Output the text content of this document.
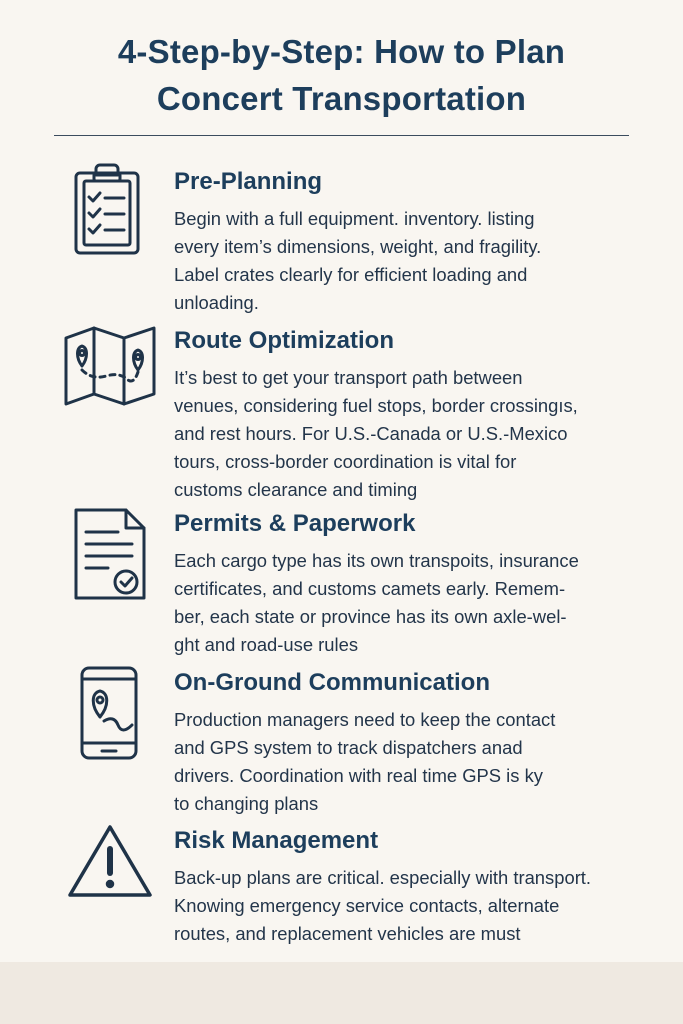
4-Step-by-Step: How to Plan
Concert Transportation
Pre-Planning
Begin with a full equipment. inventory. listing
every item’s dimensions, weight, and fragility.
Label crates clearly for efficient loading and
unloading.
Route Optimization
It’s best to get your transport ρath between
venues, considering fuel stops, border crossingıs,
and rest hours. For U.S.-Canada or U.S.-Mexico
tours, cross-border coordination is vital for
customs clearance and timing
Permits & Paperwork
Each cargo type has its own transpoits, insurance
certificates, and customs camets early. Remem-
ber, each state or province has its own axle-wel-
ght and road-use rules
On-Ground Communication
Production managers need to keep the contact
and GPS system to track dispatchers anad
drivers. Coordination with real time GPS is ky
to changing plans
Risk Management
Back-up plans are critical. especially with transport.
Knowing emergency service contacts, alternate
routes, and replacement vehicles are must
